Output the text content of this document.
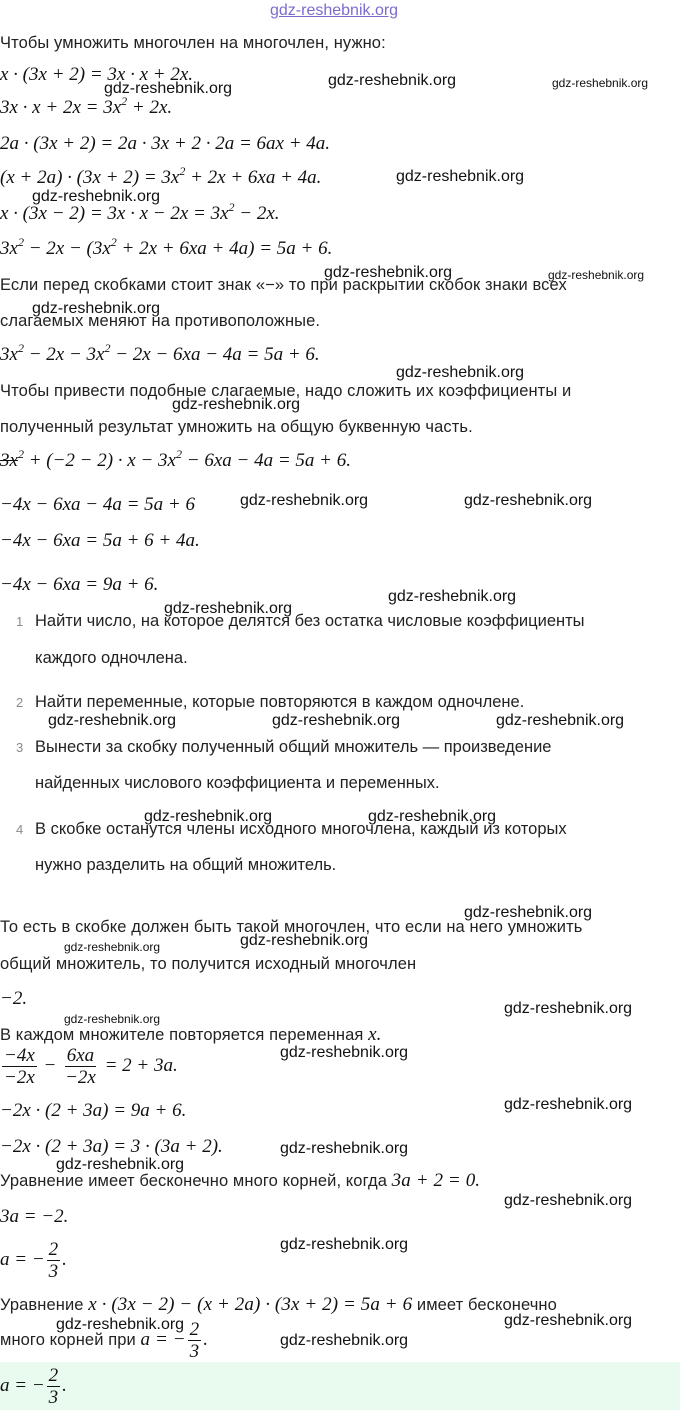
gdz-reshebnik.org
Чтобы умножить многочлен на многочлен, нужно:
x · (3x + 2) = 3x · x + 2x.
$3x \cdot x + 2x = 3x^2 + 2x$.
2a · (3x + 2) = 2a · 3x + 2 · 2a = 6ax + 4a.
$(x + 2a) \cdot (3x + 2) = 3x^2 + 2x + 6xa + 4a$.
$x \cdot (3x - 2) = 3x \cdot x - 2x = 3x^2 - 2x$.
$3x^2 - 2x - (3x^2 + 2x + 6xa + 4a) = 5a + 6$.
Если перед скобками стоит знак «−» то при раскрытии скобок знаки всех
слагаемых меняют на противоположные.
$3x^2 - 2x - 3x^2 - 2x - 6xa - 4a = 5a + 6$.
Чтобы привести подобные слагаемые, надо сложить их коэффициенты и
полученный результат умножить на общую буквенную часть.
$3x^2 + (-2 - 2) \cdot x - 3x^2 - 6xa - 4a = 5a + 6$.
−4x − 6xa − 4a = 5a + 6
−4x − 6xa = 5a + 6 + 4a.
−4x − 6xa = 9a + 6.
1 Найти число, на которое делятся без остатка числовые коэффициенты
каждого одночлена.
2 Найти переменные, которые повторяются в каждом одночлене.
3 Вынести за скобку полученный общий множитель — произведение
найденных числового коэффициента и переменных.
4 В скобке останутся члены исходного многочлена, каждый из которых
нужно разделить на общий множитель.
То есть в скобке должен быть такой многочлен, что если на него умножить
общий множитель, то получится исходный многочлен
−2.
В каждом множителе повторяется переменная x.
$\frac{-4x}{-2x} - \frac{6xa}{-2x} = 2 + 3a$.
−2x · (2 + 3a) = 9a + 6.
−2x · (2 + 3a) = 3 · (3a + 2).
Уравнение имеет бесконечно много корней, когда 3a + 2 = 0.
3a = −2.
a = − $\frac{2}{3}$ .
Уравнение x · (3x − 2) − (x + 2a) · (3x + 2) = 5a + 6 имеет бесконечно
много корней при a = − $\frac{2}{3}$ .
a = − $\frac{2}{3}$ .
gdz-reshebnik.org	gdz-reshebnik.org	gdz-reshebnik.org
gdz-reshebnik.org
gdz-reshebnik.org
gdz-reshebnik.org	gdz-reshebnik.org
gdz-reshebnik.org
gdz-reshebnik.org
gdz-reshebnik.org
gdz-reshebnik.org	gdz-reshebnik.org
gdz-reshebnik.org
gdz-reshebnik.org
gdz-reshebnik.org	gdz-reshebnik.org	gdz-reshebnik.org
gdz-reshebnik.org	gdz-reshebnik.org
gdz-reshebnik.org
gdz-reshebnik.org
gdz-reshebnik.org
gdz-reshebnik.org
gdz-reshebnik.org
gdz-reshebnik.org
gdz-reshebnik.org
gdz-reshebnik.org
gdz-reshebnik.org
gdz-reshebnik.org
gdz-reshebnik.org
gdz-reshebnik.org
gdz-reshebnik.org
gdz-reshebnik.org
